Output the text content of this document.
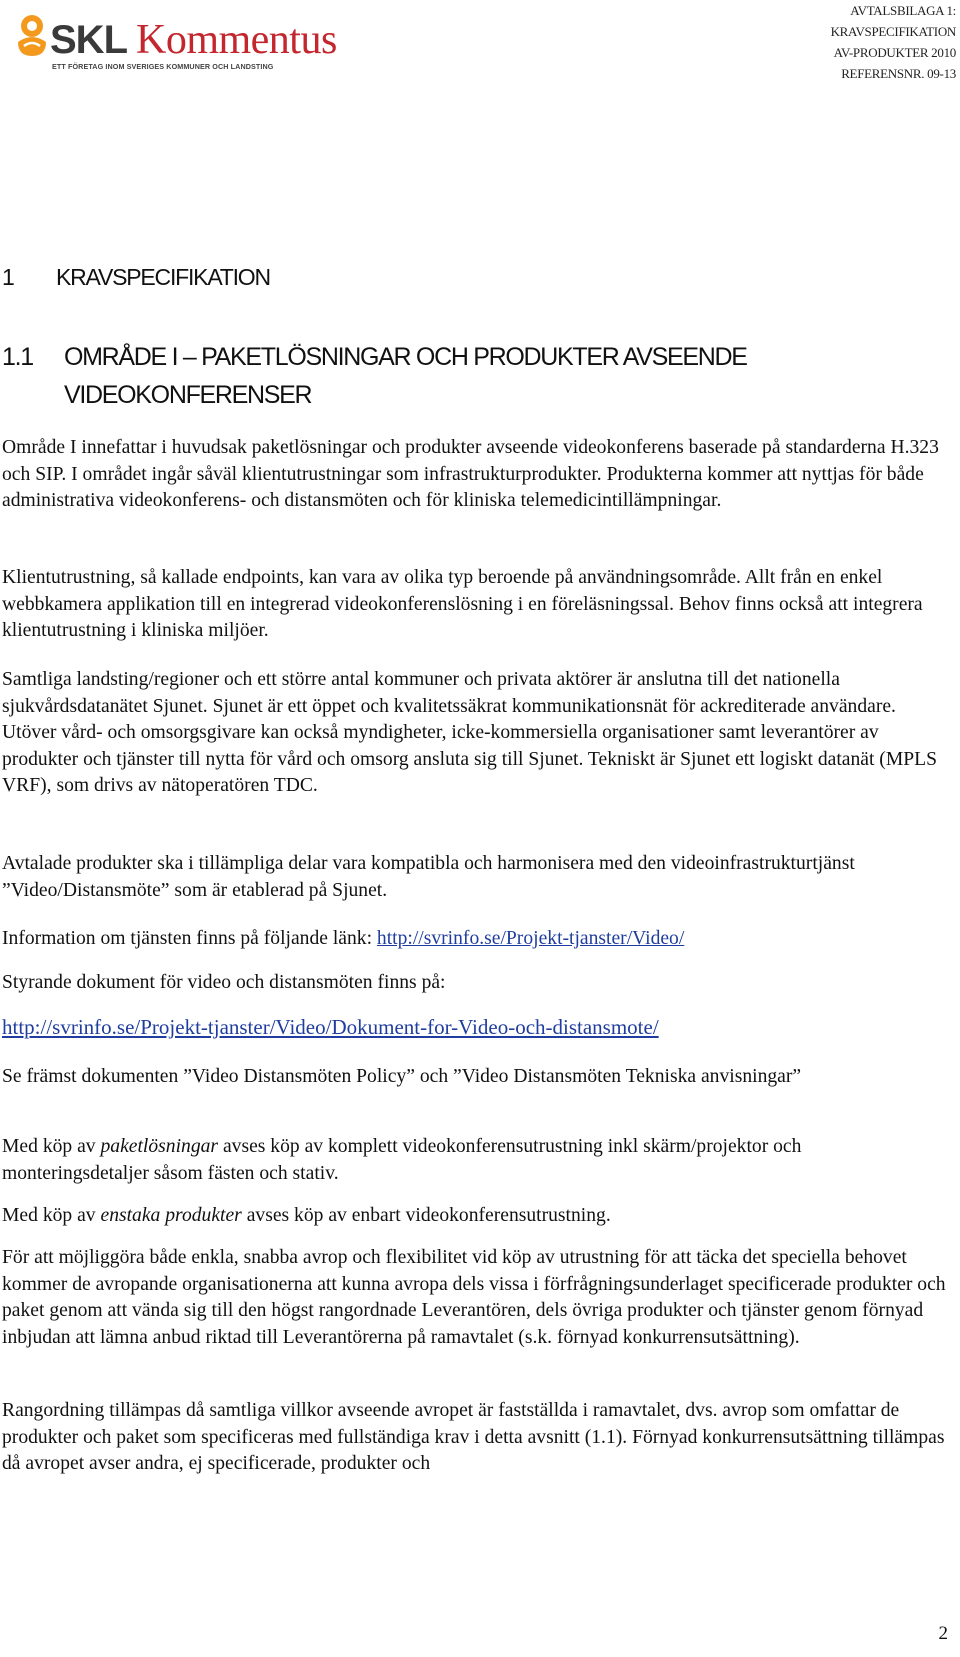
SKL Kommentus
ETT FÖRETAG INOM SVERIGES KOMMUNER OCH LANDSTING
AVTALSBILAGA 1:
KRAVSPECIFIKATION
AV-PRODUKTER 2010
REFERENSNR. 09-13
1 KRAVSPECIFIKATION
1.1 OMRÅDE I – PAKETLÖSNINGAR OCH PRODUKTER AVSEENDE
VIDEOKONFERENSER

Område I innefattar i huvudsak paketlösningar och produkter avseende videokonferens baserade på standarderna H.323 och SIP. I området ingår såväl klientutrustningar som infrastrukturprodukter. Produkterna kommer att nyttjas för både administrativa videokonferens- och distansmöten och för kliniska telemedicintillämpningar.

Klientutrustning, så kallade endpoints, kan vara av olika typ beroende på användningsområde. Allt från en enkel webbkamera applikation till en integrerad videokonferenslösning i en föreläsningssal. Behov finns också att integrera klientutrustning i kliniska miljöer.

Samtliga landsting/regioner och ett större antal kommuner och privata aktörer är anslutna till det nationella sjukvårdsdatanätet Sjunet. Sjunet är ett öppet och kvalitetssäkrat kommunikationsnät för ackrediterade användare. Utöver vård- och omsorgsgivare kan också myndigheter, icke-kommersiella organisationer samt leverantörer av produkter och tjänster till nytta för vård och omsorg ansluta sig till Sjunet. Tekniskt är Sjunet ett logiskt datanät (MPLS VRF), som drivs av nätoperatören TDC.

Avtalade produkter ska i tillämpliga delar vara kompatibla och harmonisera med den videoinfrastrukturtjänst ”Video/Distansmöte” som är etablerad på Sjunet.

Information om tjänsten finns på följande länk: http://svrinfo.se/Projekt-tjanster/Video/

Styrande dokument för video och distansmöten finns på:

http://svrinfo.se/Projekt-tjanster/Video/Dokument-for-Video-och-distansmote/

Se främst dokumenten ”Video Distansmöten Policy” och ”Video Distansmöten Tekniska anvisningar”

Med köp av paketlösningar avses köp av komplett videokonferensutrustning inkl skärm/projektor och monteringsdetaljer såsom fästen och stativ.

Med köp av enstaka produkter avses köp av enbart videokonferensutrustning.

För att möjliggöra både enkla, snabba avrop och flexibilitet vid köp av utrustning för att täcka det speciella behovet kommer de avropande organisationerna att kunna avropa dels vissa i förfrågningsunderlaget specificerade produkter och paket genom att vända sig till den högst rangordnade Leverantören, dels övriga produkter och tjänster genom förnyad inbjudan att lämna anbud riktad till Leverantörerna på ramavtalet (s.k. förnyad konkurrensutsättning).

Rangordning tillämpas då samtliga villkor avseende avropet är fastställda i ramavtalet, dvs. avrop som omfattar de produkter och paket som specificeras med fullständiga krav i detta avsnitt (1.1). Förnyad konkurrensutsättning tillämpas då avropet avser andra, ej specificerade, produkter och

2
